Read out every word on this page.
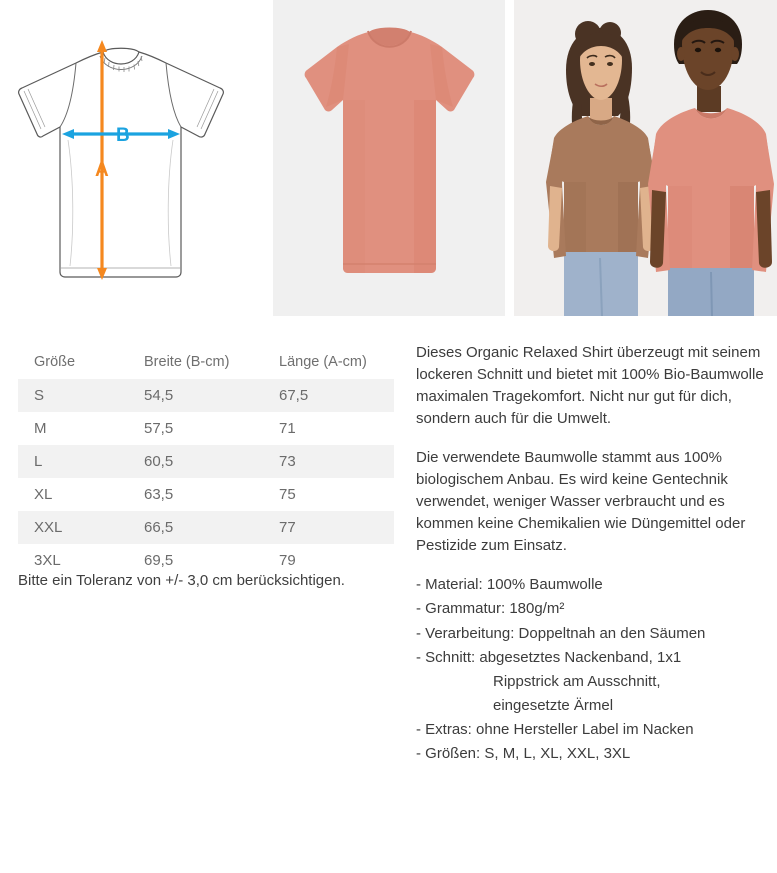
A
B
Größe	Breite (B-cm)	Länge (A-cm)
S	54,5	67,5
M	57,5	71
L	60,5	73
XL	63,5	75
XXL	66,5	77
3XL	69,5	79
Bitte ein Toleranz von +/- 3,0 cm berücksichtigen.

Dieses Organic Relaxed Shirt überzeugt mit seinem lockeren Schnitt und bietet mit 100% Bio-Baumwolle maximalen Tragekomfort. Nicht nur gut für dich, sondern auch für die Umwelt.

Die verwendete Baumwolle stammt aus 100% biologischem Anbau. Es wird keine Gentechnik verwendet, weniger Wasser verbraucht und es kommen keine Chemikalien wie Düngemittel oder Pestizide zum Einsatz.

- Material: 100% Baumwolle
- Grammatur: 180g/m²
- Verarbeitung: Doppeltnah an den Säumen
- Schnitt: abgesetztes Nackenband, 1x1
Rippstrick am Ausschnitt,
eingesetzte Ärmel
- Extras: ohne Hersteller Label im Nacken
- Größen: S, M, L, XL, XXL, 3XL
